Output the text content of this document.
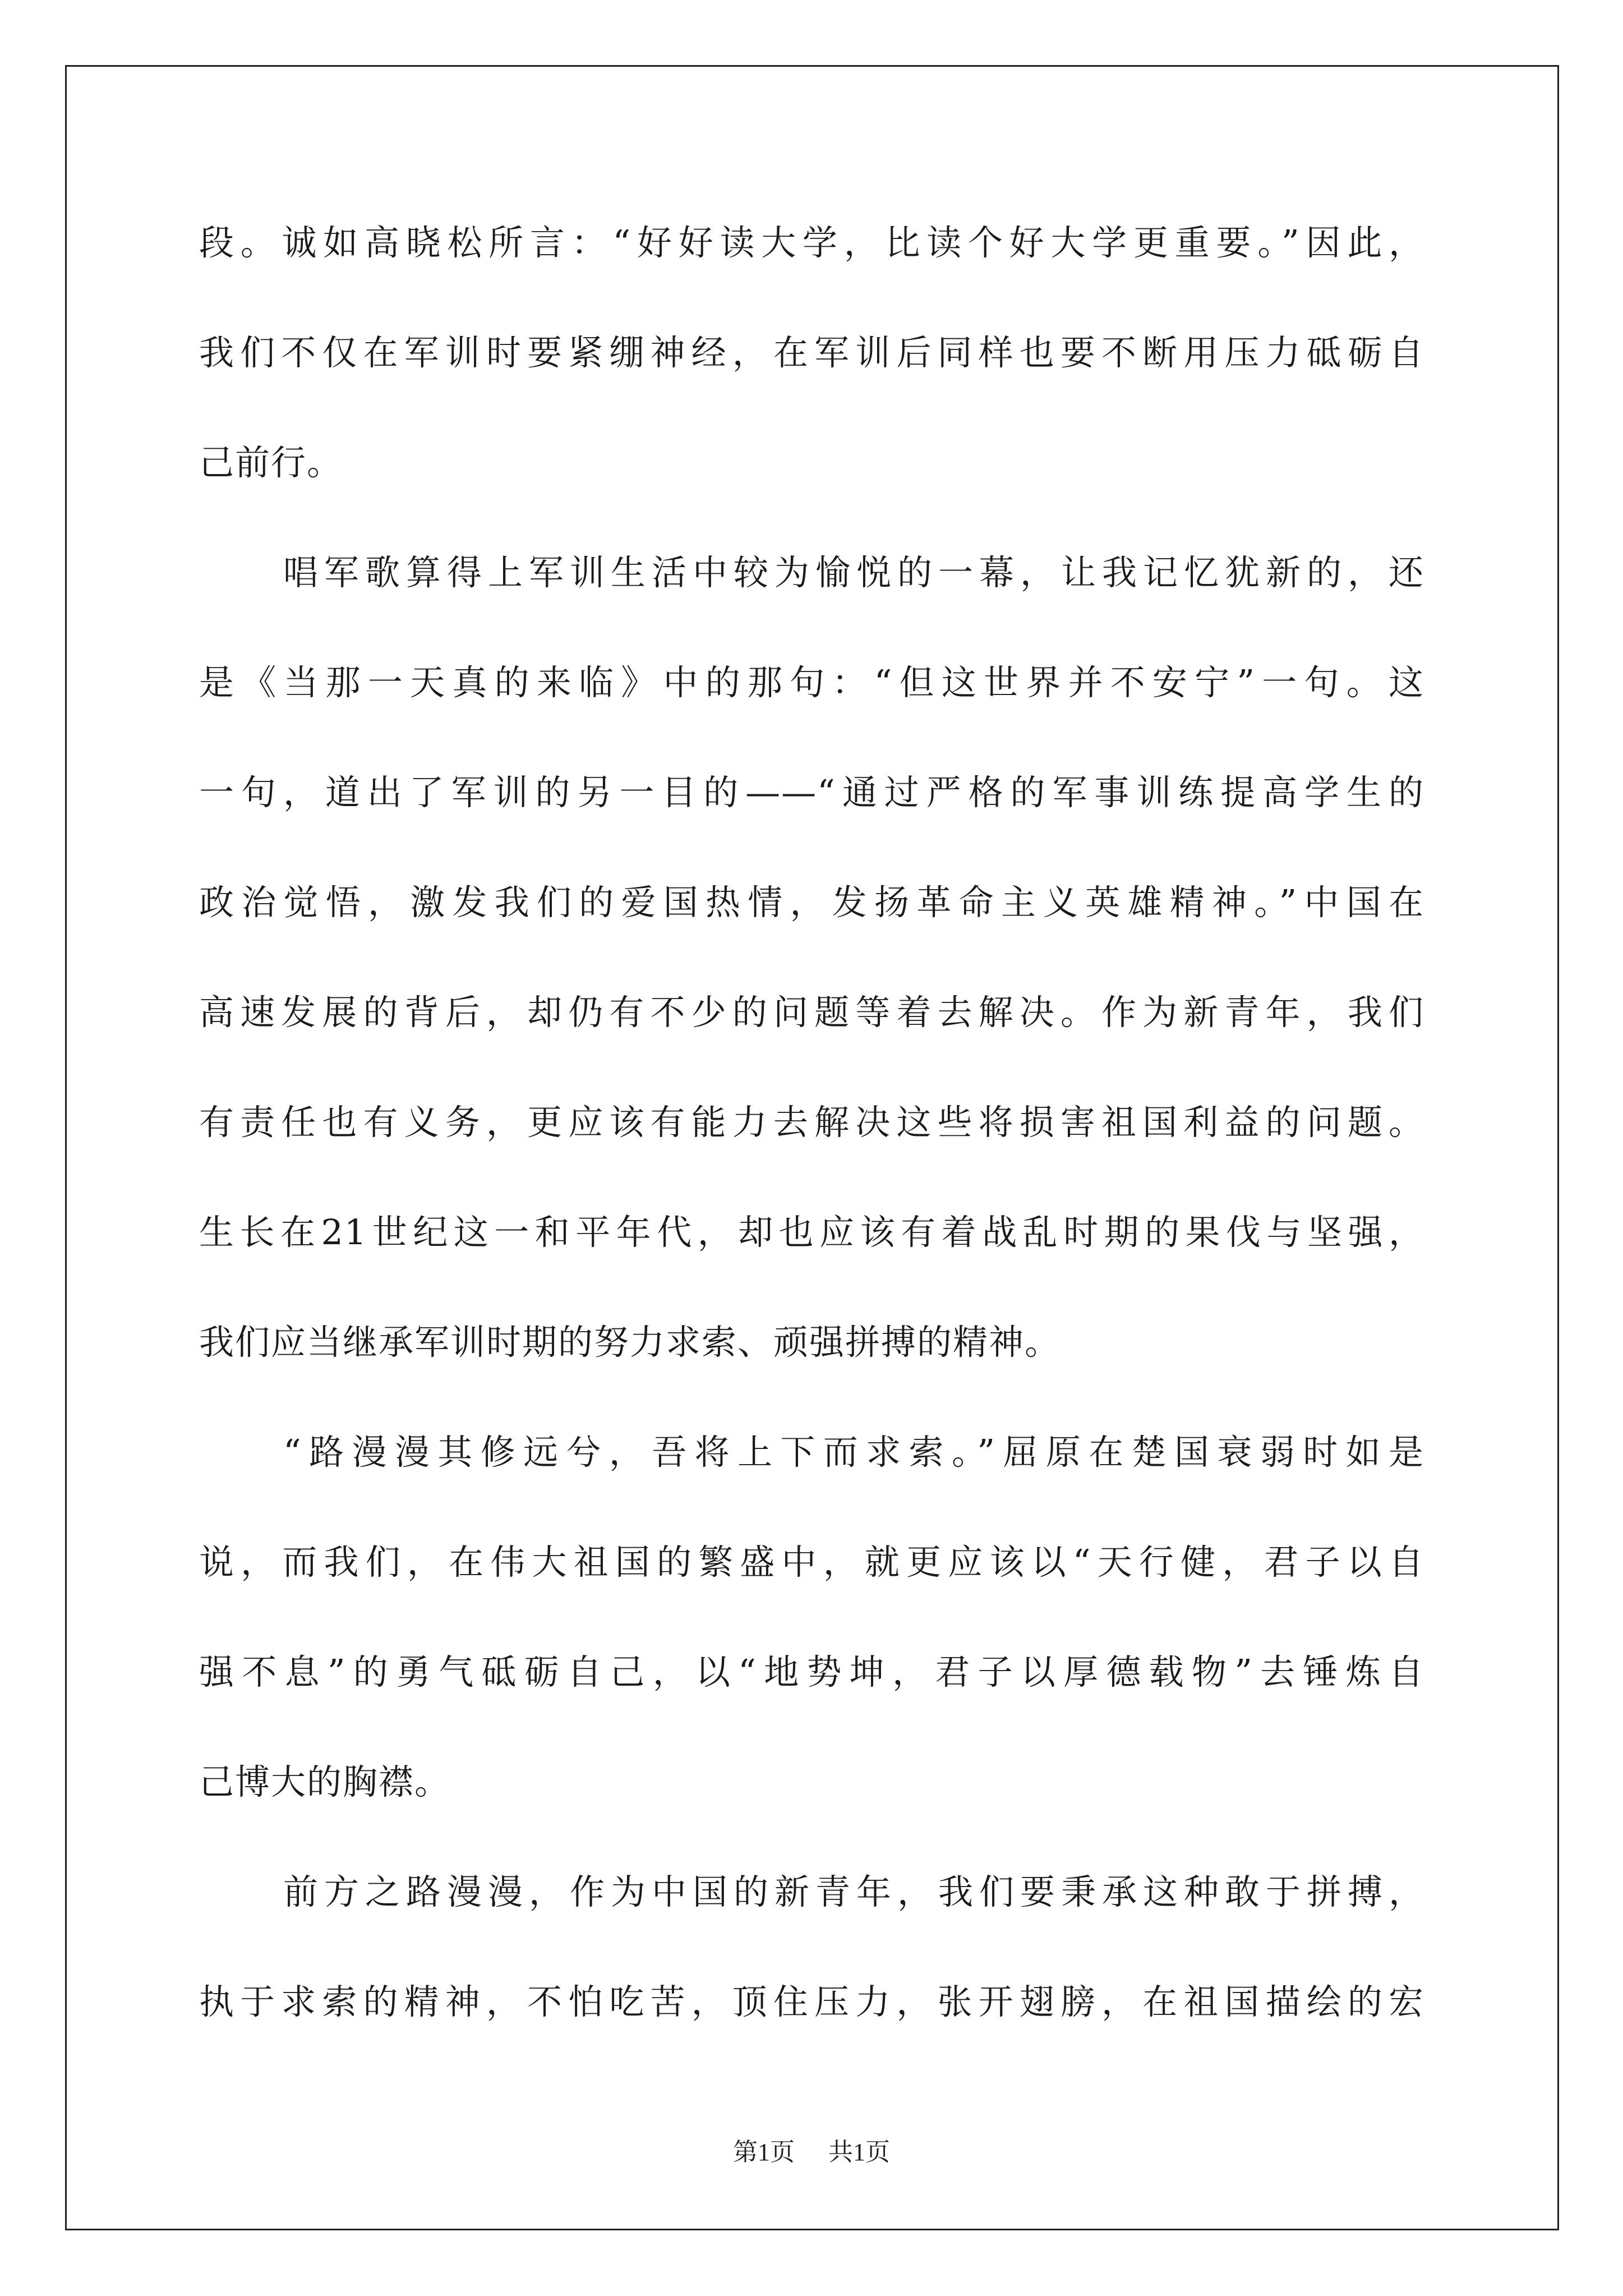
段。诚如高晓松所言：“好好读大学，比读个好大学更重要。”因此，
我们不仅在军训时要紧绷神经，在军训后同样也要不断用压力砥砺自
己前行。
唱军歌算得上军训生活中较为愉悦的一幕，让我记忆犹新的，还
是《当那一天真的来临》中的那句：“但这世界并不安宁”一句。这
一句，道出了军训的另一目的——“通过严格的军事训练提高学生的
政治觉悟，激发我们的爱国热情，发扬革命主义英雄精神。”中国在
高速发展的背后，却仍有不少的问题等着去解决。作为新青年，我们
有责任也有义务，更应该有能力去解决这些将损害祖国利益的问题。
生长在21世纪这一和平年代，却也应该有着战乱时期的果伐与坚强，
我们应当继承军训时期的努力求索、顽强拼搏的精神。
“路漫漫其修远兮，吾将上下而求索。”屈原在楚国衰弱时如是
说，而我们，在伟大祖国的繁盛中，就更应该以“天行健，君子以自
强不息”的勇气砥砺自己，以“地势坤，君子以厚德载物”去锤炼自
己博大的胸襟。
前方之路漫漫，作为中国的新青年，我们要秉承这种敢于拼搏，
执于求索的精神，不怕吃苦，顶住压力，张开翅膀，在祖国描绘的宏
第1页 共1页
